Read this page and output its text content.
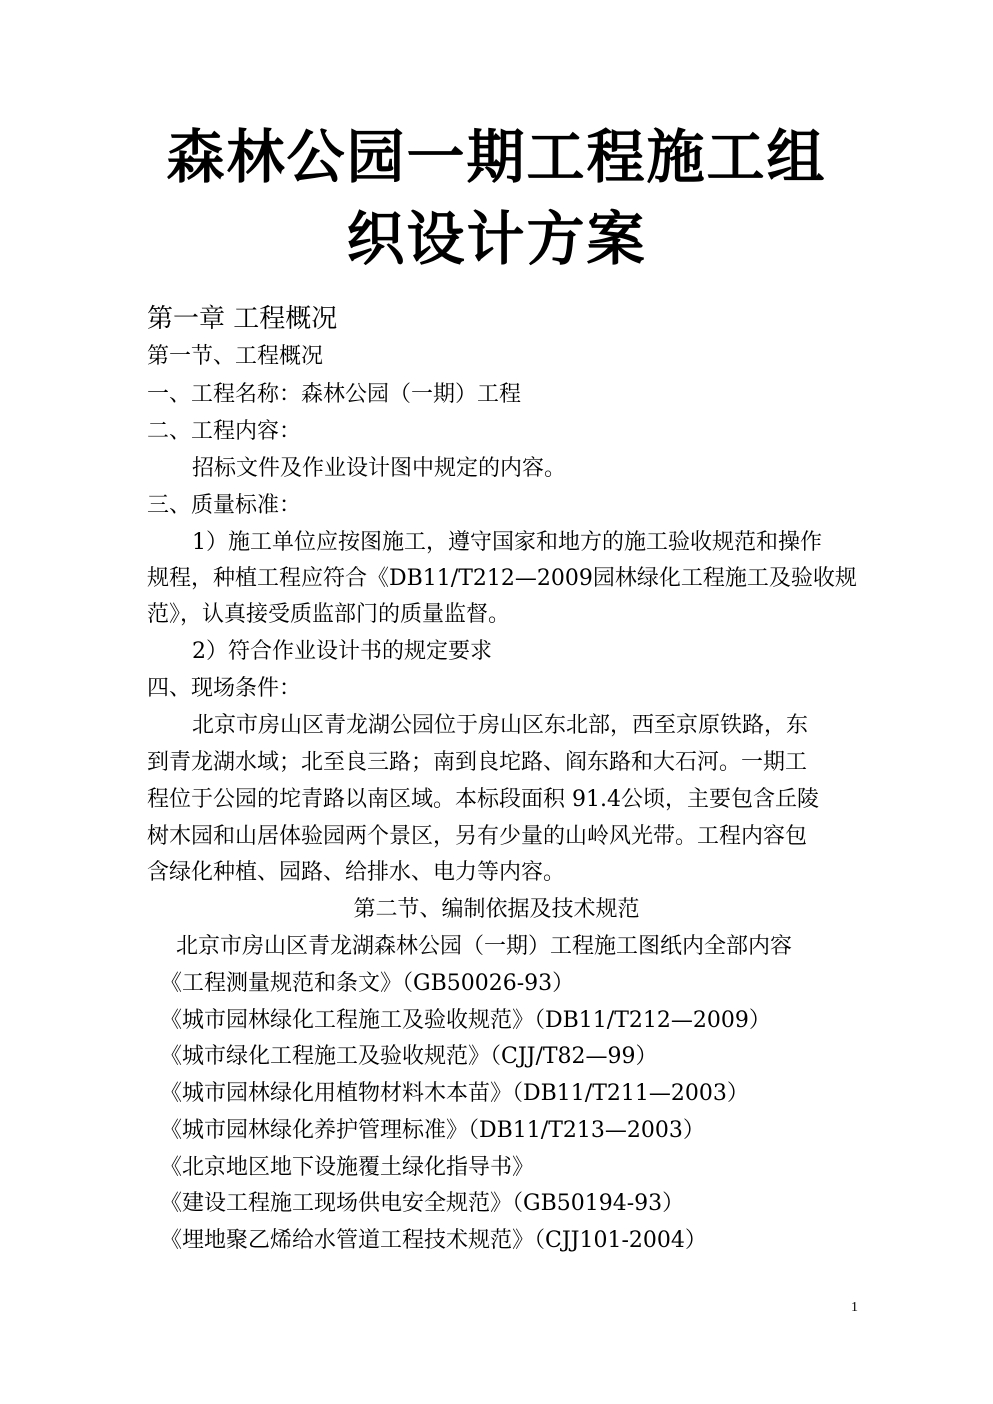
森林公园一期工程施工组
织设计方案
第一章 工程概况
第一节、工程概况
一、工程名称：森林公园（一期）工程
二、工程内容：
招标文件及作业设计图中规定的内容。
三、质量标准：
1）施工单位应按图施工，遵守国家和地方的施工验收规范和操作
规程，种植工程应符合《DB11/T212—2009园林绿化工程施工及验收规
范》，认真接受质监部门的质量监督。
2）符合作业设计书的规定要求
四、现场条件：
北京市房山区青龙湖公园位于房山区东北部，西至京原铁路，东
到青龙湖水域；北至良三路；南到良坨路、阎东路和大石河。一期工
程位于公园的坨青路以南区域。本标段面积 91.4公顷，主要包含丘陵
树木园和山居体验园两个景区，另有少量的山岭风光带。工程内容包
含绿化种植、园路、给排水、电力等内容。
第二节、编制依据及技术规范
北京市房山区青龙湖森林公园（一期）工程施工图纸内全部内容
《工程测量规范和条文》（GB50026-93）
《城市园林绿化工程施工及验收规范》（DB11/T212—2009）
《城市绿化工程施工及验收规范》（CJJ/T82—99）
《城市园林绿化用植物材料木本苗》（DB11/T211—2003）
《城市园林绿化养护管理标准》（DB11/T213—2003）
《北京地区地下设施覆土绿化指导书》
《建设工程施工现场供电安全规范》（GB50194-93）
《埋地聚乙烯给水管道工程技术规范》（CJJ101-2004）
1
